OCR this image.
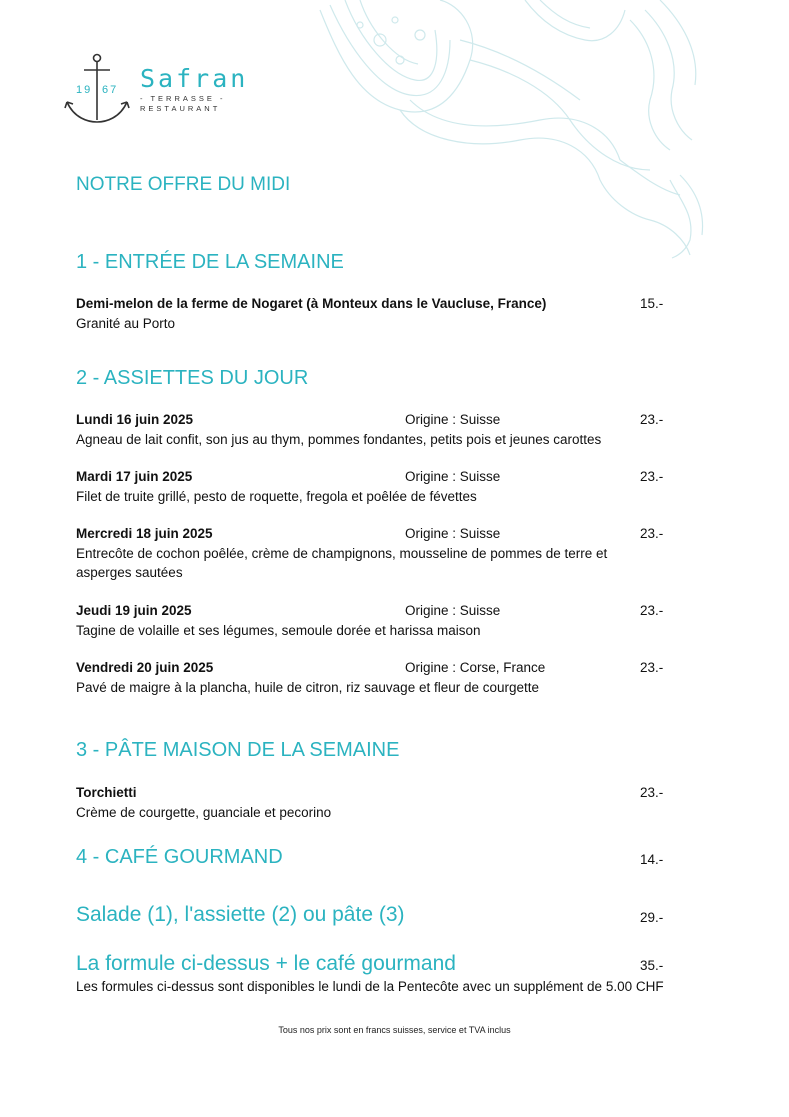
19 67 Safran
- TERRASSE -
RESTAURANT
NOTRE OFFRE DU MIDI
1 - ENTRÉE DE LA SEMAINE
Demi-melon de la ferme de Nogaret (à Monteux dans le Vaucluse, France)	15.-
Granité au Porto
2 - ASSIETTES DU JOUR
Lundi 16 juin 2025	Origine : Suisse	23.-
Agneau de lait confit, son jus au thym, pommes fondantes, petits pois et jeunes carottes
Mardi 17 juin 2025	Origine : Suisse	23.-
Filet de truite grillé, pesto de roquette, fregola et poêlée de févettes
Mercredi 18 juin 2025	Origine : Suisse	23.-
Entrecôte de cochon poêlée, crème de champignons, mousseline de pommes de terre et
asperges sautées
Jeudi 19 juin 2025	Origine : Suisse	23.-
Tagine de volaille et ses légumes, semoule dorée et harissa maison
Vendredi 20 juin 2025	Origine : Corse, France	23.-
Pavé de maigre à la plancha, huile de citron, riz sauvage et fleur de courgette
3 - PÂTE MAISON DE LA SEMAINE
Torchietti	23.-
Crème de courgette, guanciale et pecorino
4 - CAFÉ GOURMAND	14.-
Salade (1), l'assiette (2) ou pâte (3)	29.-
La formule ci-dessus + le café gourmand	35.-
Les formules ci-dessus sont disponibles le lundi de la Pentecôte avec un supplément de 5.00 CHF
Tous nos prix sont en francs suisses, service et TVA inclus
